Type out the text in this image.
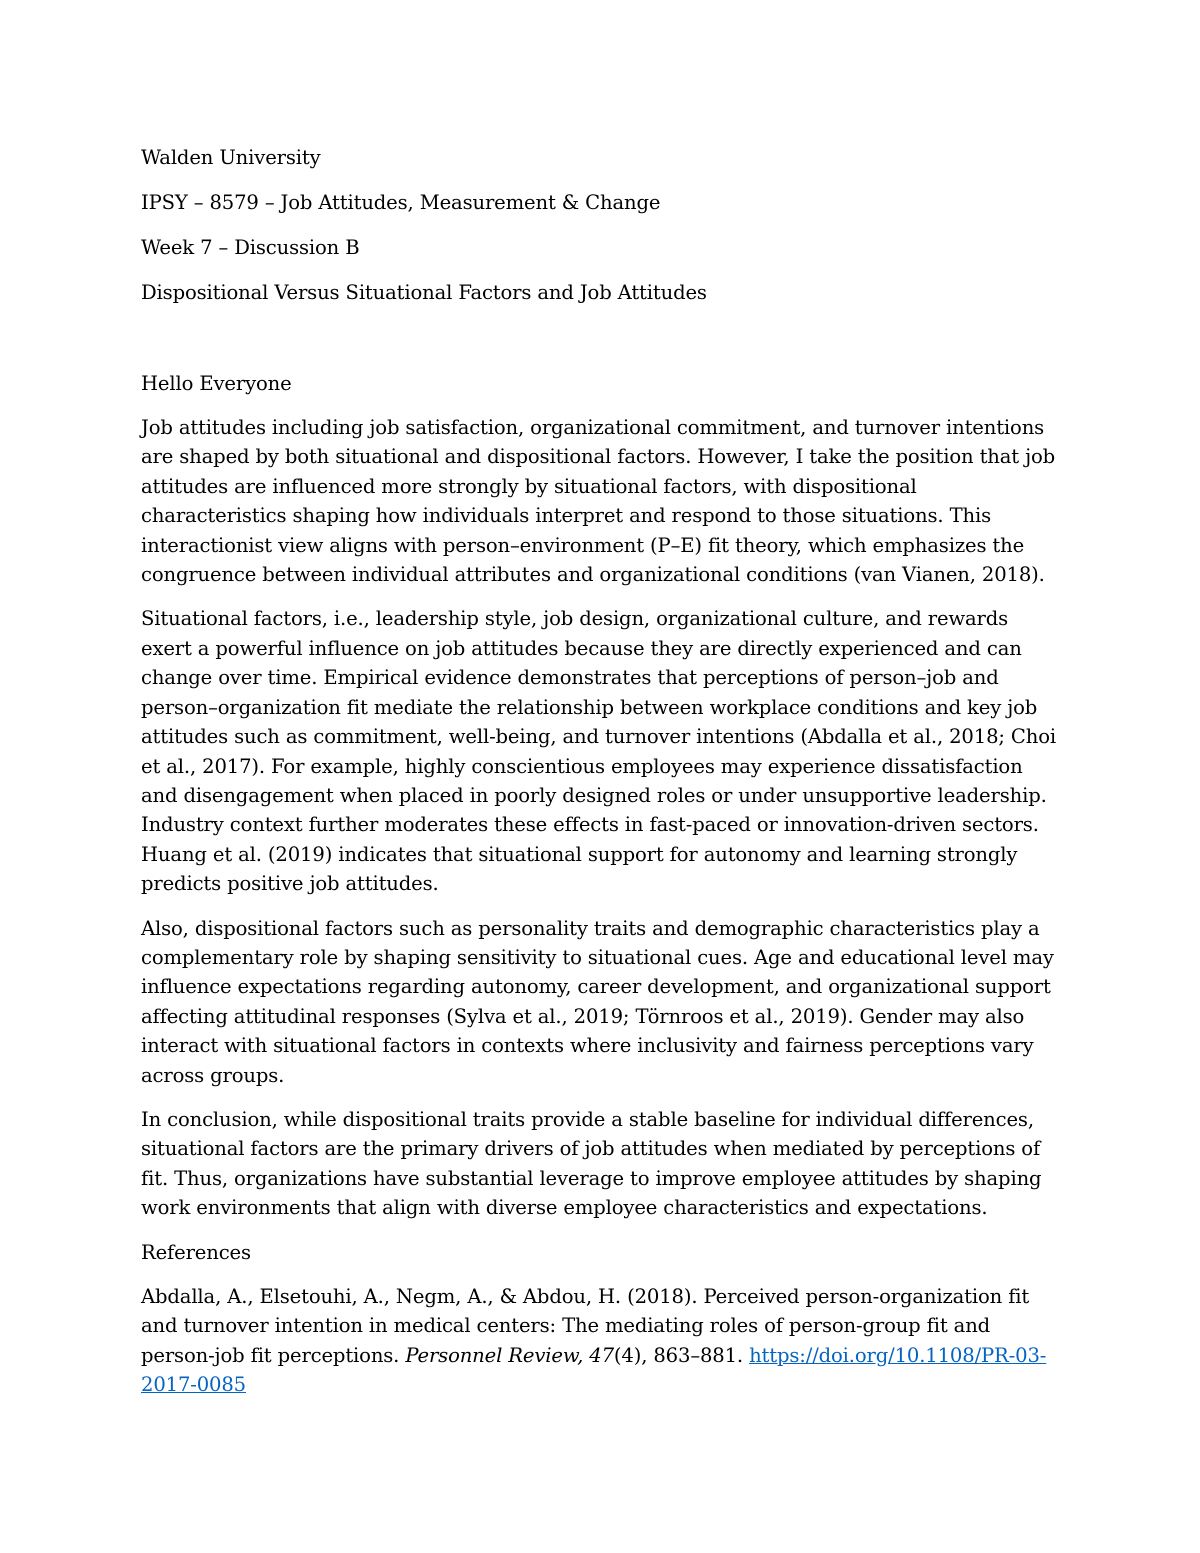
Walden University
IPSY – 8579 – Job Attitudes, Measurement & Change
Week 7 – Discussion B
Dispositional Versus Situational Factors and Job Attitudes
Hello Everyone
Job attitudes including job satisfaction, organizational commitment, and turnover intentions are shaped by both situational and dispositional factors. However, I take the position that job attitudes are influenced more strongly by situational factors, with dispositional characteristics shaping how individuals interpret and respond to those situations. This interactionist view aligns with person–environment (P–E) fit theory, which emphasizes the congruence between individual attributes and organizational conditions (van Vianen, 2018).
Situational factors, i.e., leadership style, job design, organizational culture, and rewards exert a powerful influence on job attitudes because they are directly experienced and can change over time. Empirical evidence demonstrates that perceptions of person–job and person–organization fit mediate the relationship between workplace conditions and key job attitudes such as commitment, well-being, and turnover intentions (Abdalla et al., 2018; Choi et al., 2017). For example, highly conscientious employees may experience dissatisfaction and disengagement when placed in poorly designed roles or under unsupportive leadership. Industry context further moderates these effects in fast-paced or innovation-driven sectors. Huang et al. (2019) indicates that situational support for autonomy and learning strongly predicts positive job attitudes.
Also, dispositional factors such as personality traits and demographic characteristics play a complementary role by shaping sensitivity to situational cues. Age and educational level may influence expectations regarding autonomy, career development, and organizational support affecting attitudinal responses (Sylva et al., 2019; Törnroos et al., 2019). Gender may also interact with situational factors in contexts where inclusivity and fairness perceptions vary across groups.
In conclusion, while dispositional traits provide a stable baseline for individual differences, situational factors are the primary drivers of job attitudes when mediated by perceptions of fit. Thus, organizations have substantial leverage to improve employee attitudes by shaping work environments that align with diverse employee characteristics and expectations.
References
Abdalla, A., Elsetouhi, A., Negm, A., & Abdou, H. (2018). Perceived person-organization fit and turnover intention in medical centers: The mediating roles of person-group fit and person-job fit perceptions. Personnel Review, 47(4), 863–881. https://doi.org/10.1108/PR-03-2017-0085
